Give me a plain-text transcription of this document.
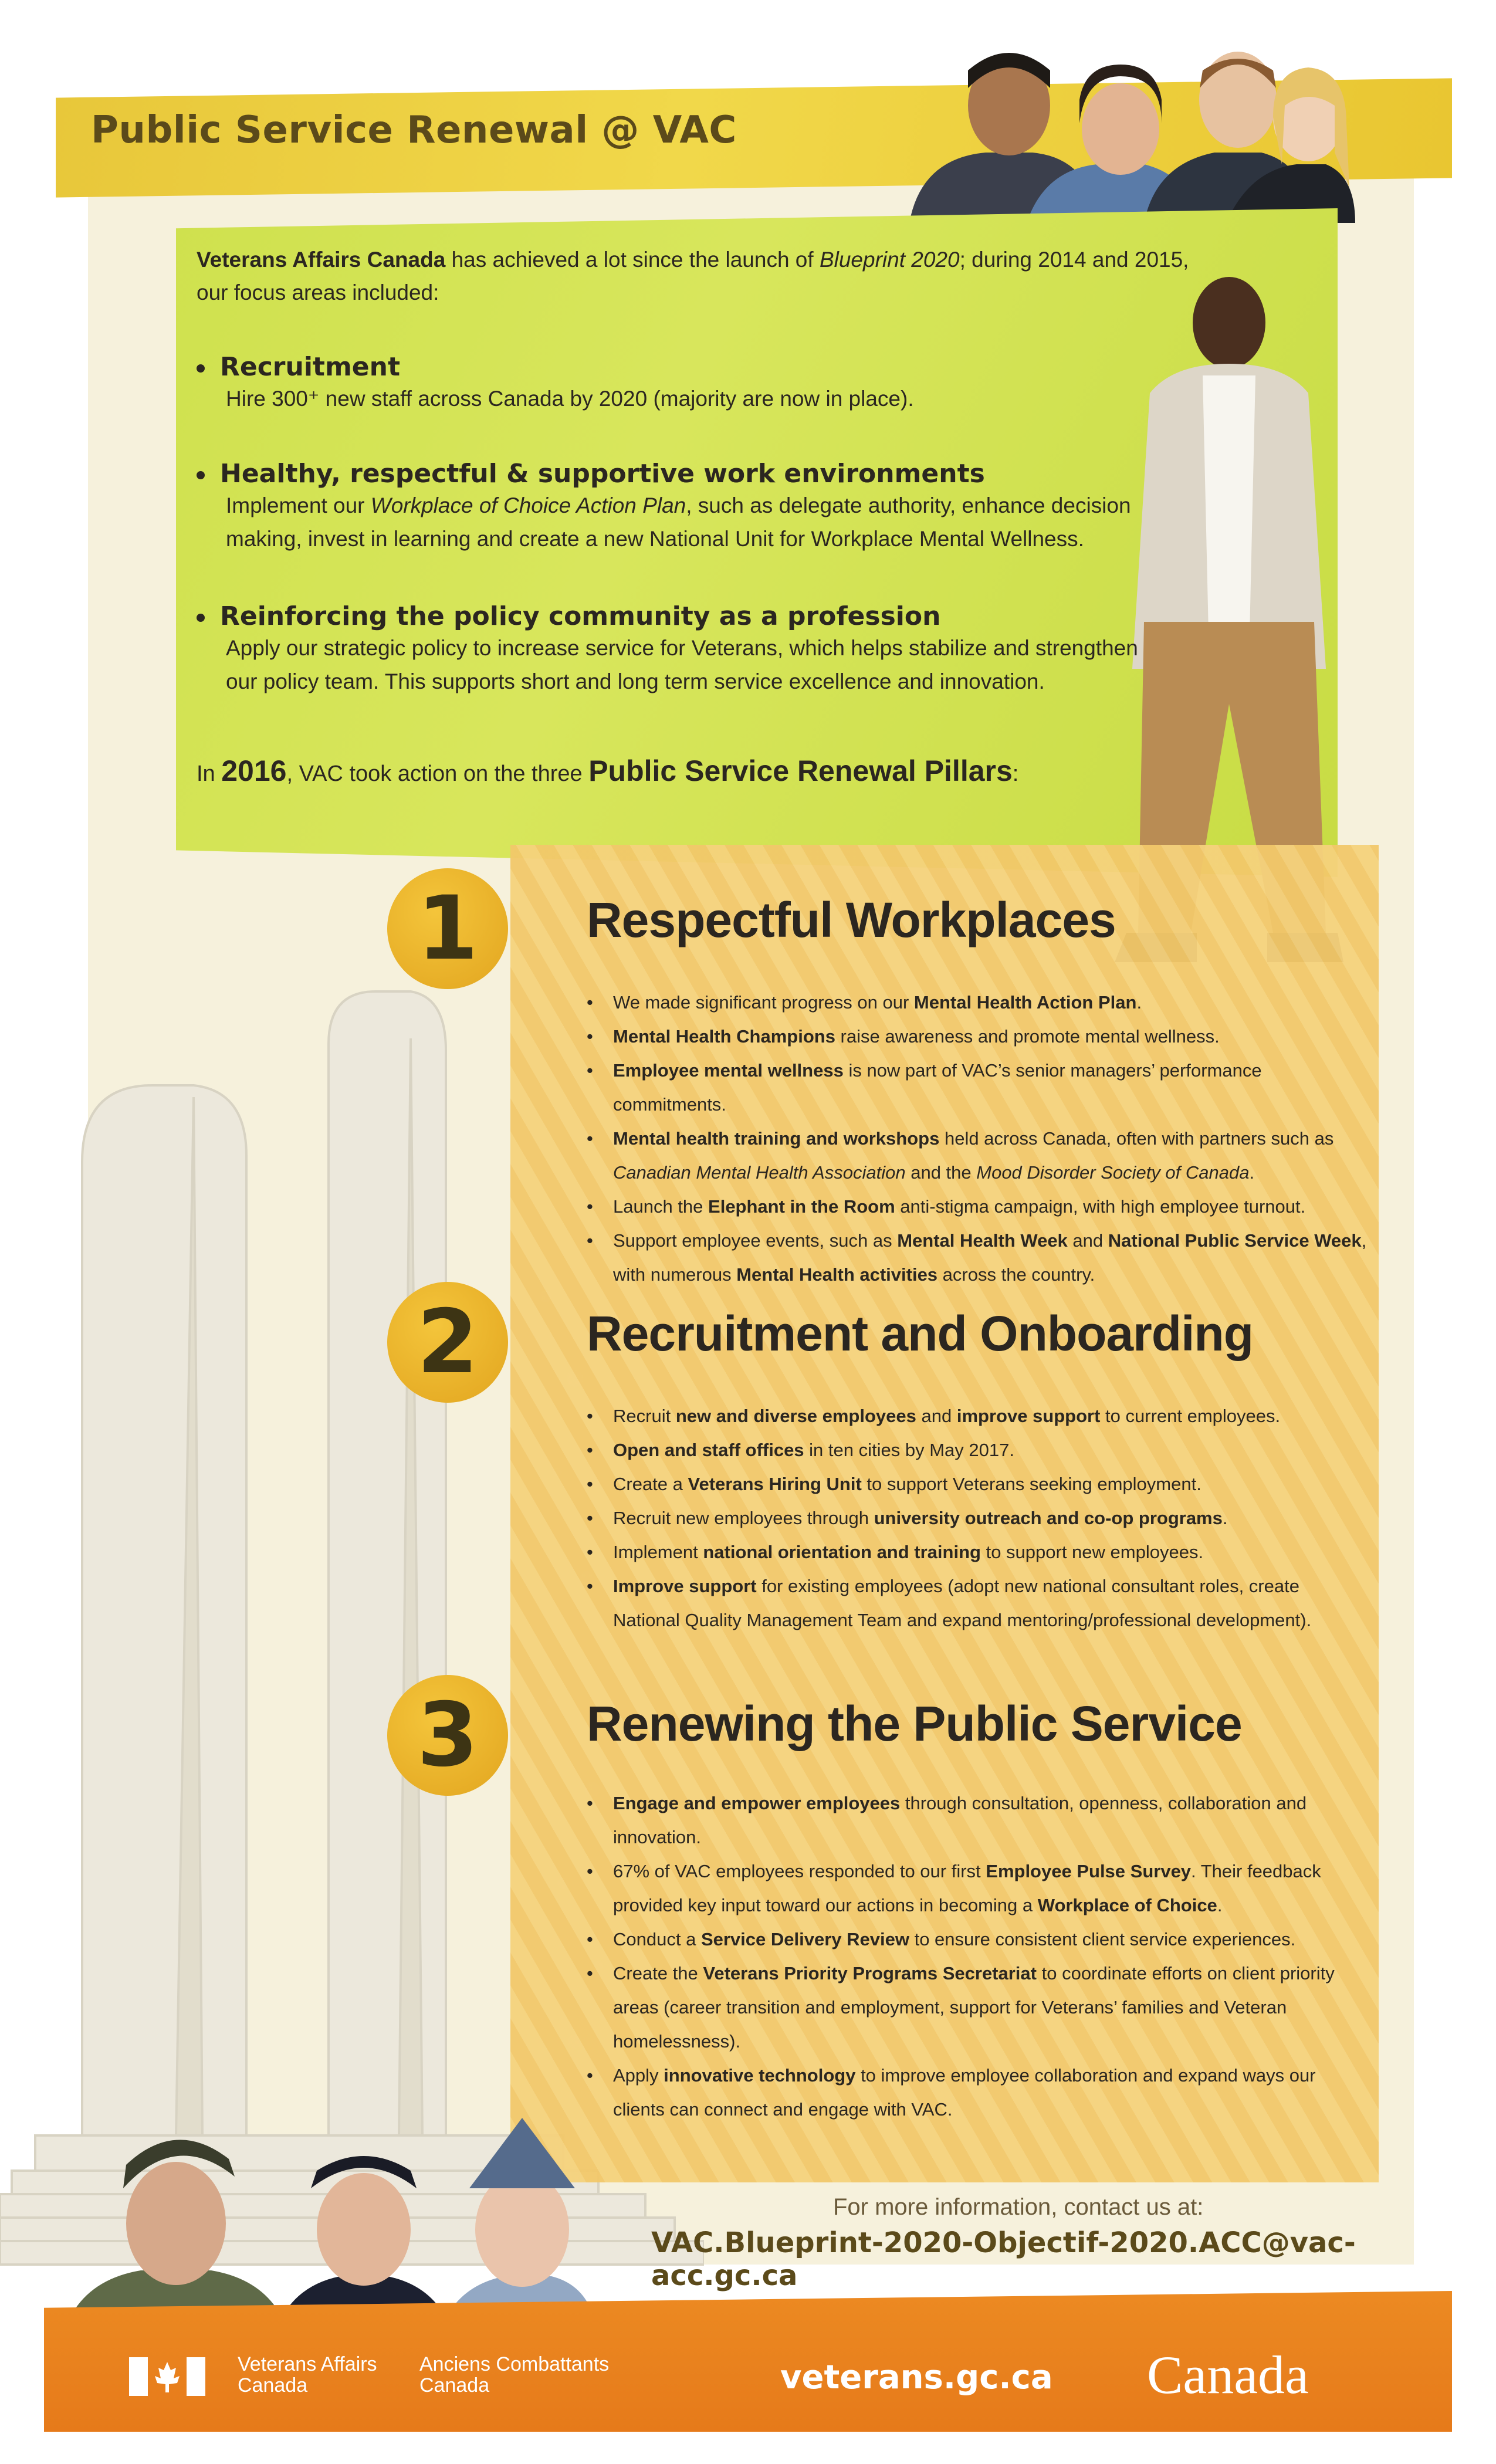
Public Service Renewal @ VAC
Veterans Affairs Canada has achieved a lot since the launch of Blueprint 2020; during 2014 and 2015,
our focus areas included:
Recruitment
Hire 300⁺ new staff across Canada by 2020 (majority are now in place).
Healthy, respectful & supportive work environments
Implement our Workplace of Choice Action Plan, such as delegate authority, enhance decision
making, invest in learning and create a new National Unit for Workplace Mental Wellness.
Reinforcing the policy community as a profession
Apply our strategic policy to increase service for Veterans, which helps stabilize and strengthen
our policy team. This supports short and long term service excellence and innovation.
In 2016, VAC took action on the three Public Service Renewal Pillars:
1	Respectful Workplaces
• We made significant progress on our Mental Health Action Plan.
• Mental Health Champions raise awareness and promote mental wellness.
• Employee mental wellness is now part of VAC’s senior managers’ performance commitments.
• Mental health training and workshops held across Canada, often with partners such as Canadian Mental Health Association and the Mood Disorder Society of Canada.
• Launch the Elephant in the Room anti-stigma campaign, with high employee turnout.
• Support employee events, such as Mental Health Week and National Public Service Week, with numerous Mental Health activities across the country.
2	Recruitment and Onboarding
• Recruit new and diverse employees and improve support to current employees.
• Open and staff offices in ten cities by May 2017.
• Create a Veterans Hiring Unit to support Veterans seeking employment.
• Recruit new employees through university outreach and co-op programs.
• Implement national orientation and training to support new employees.
• Improve support for existing employees (adopt new national consultant roles, create National Quality Management Team and expand mentoring/professional development).
3	Renewing the Public Service
• Engage and empower employees through consultation, openness, collaboration and innovation.
• 67% of VAC employees responded to our first Employee Pulse Survey. Their feedback provided key input toward our actions in becoming a Workplace of Choice.
• Conduct a Service Delivery Review to ensure consistent client service experiences.
• Create the Veterans Priority Programs Secretariat to coordinate efforts on client priority areas (career transition and employment, support for Veterans’ families and Veteran homelessness).
• Apply innovative technology to improve employee collaboration and expand ways our clients can connect and engage with VAC.
For more information, contact us at:
VAC.Blueprint-2020-Objectif-2020.ACC@vac-acc.gc.ca
Veterans Affairs
Canada
Anciens Combattants
Canada	veterans.gc.ca Canada
